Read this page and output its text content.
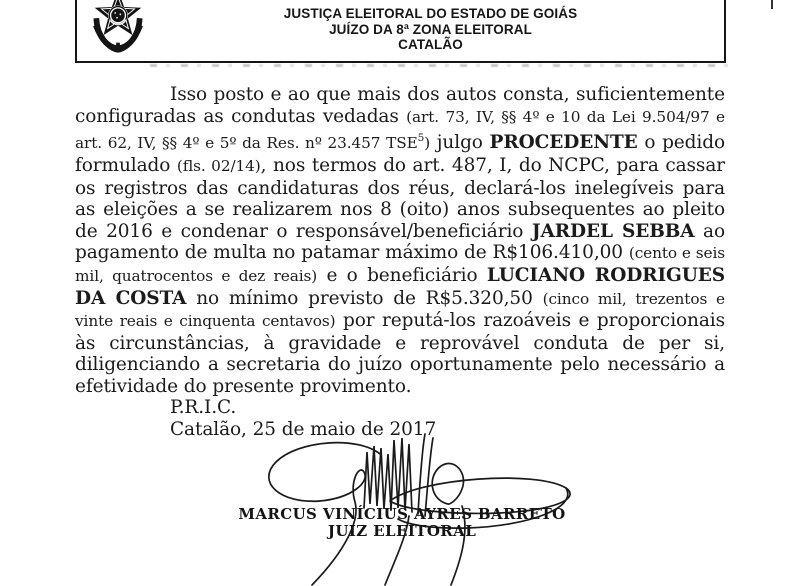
JUSTIÇA ELEITORAL DO ESTADO DE GOIÁS
JUÍZO DA 8ª ZONA ELEITORAL
CATALÃO

Isso posto e ao que mais dos autos consta, suficientemente configuradas as condutas vedadas (art. 73, IV, §§ 4º e 10 da Lei 9.504/97 e art. 62, IV, §§ 4º e 5º da Res. nº 23.457 TSE$^5$) julgo PROCEDENTE o pedido formulado (fls. 02/14), nos termos do art. 487, I, do NCPC, para cassar os registros das candidaturas dos réus, declará-los inelegíveis para as eleições a se realizarem nos 8 (oito) anos subsequentes ao pleito de 2016 e condenar o responsável/beneficiário JARDEL SEBBA ao pagamento de multa no patamar máximo de R$106.410,00 (cento e seis mil, quatrocentos e dez reais) e o beneficiário LUCIANO RODRIGUES DA COSTA no mínimo previsto de R$5.320,50 (cinco mil, trezentos e vinte reais e cinquenta centavos) por reputá-los razoáveis e proporcionais às circunstâncias, à gravidade e reprovável conduta de per si, diligenciando a secretaria do juízo oportunamente pelo necessário a efetividade do presente provimento.

P.R.I.C.
Catalão, 25 de maio de 2017
MARCUS VINÍCIUS AYRES BARRETO
JUIZ ELEITORAL
